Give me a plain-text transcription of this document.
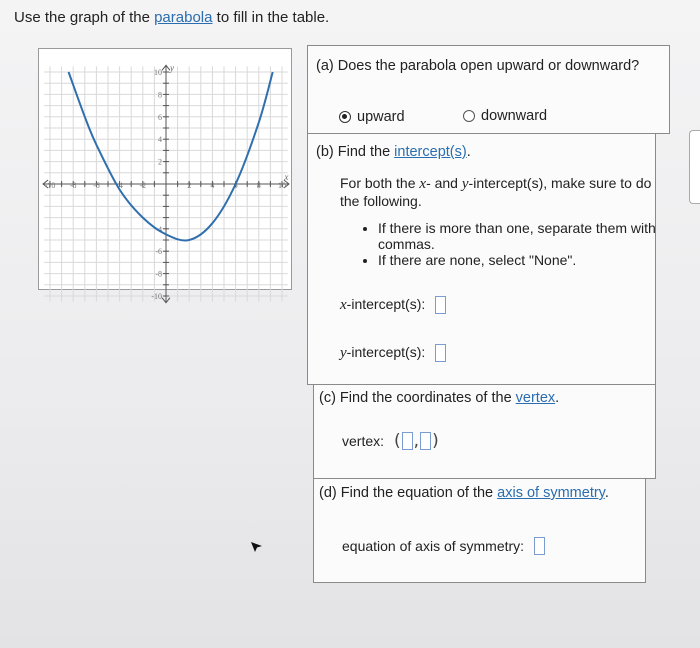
Use the graph of the parabola to fill in the table.
-10 -8 -6 -4 -2	2 4 6 8 10
10
8
6
4
2
-4
-6
-8
-10
x
y	(a) Does the parabola open upward or downward?
upward	downward
(b) Find the intercept(s).
For both the x- and y-intercept(s), make sure to do the following.
• If there is more than one, separate them with commas.
• If there are none, select "None".
x-intercept(s):
y-intercept(s):
(c) Find the coordinates of the vertex.
vertex: ( , )
(d) Find the equation of the axis of symmetry.
equation of axis of symmetry:
